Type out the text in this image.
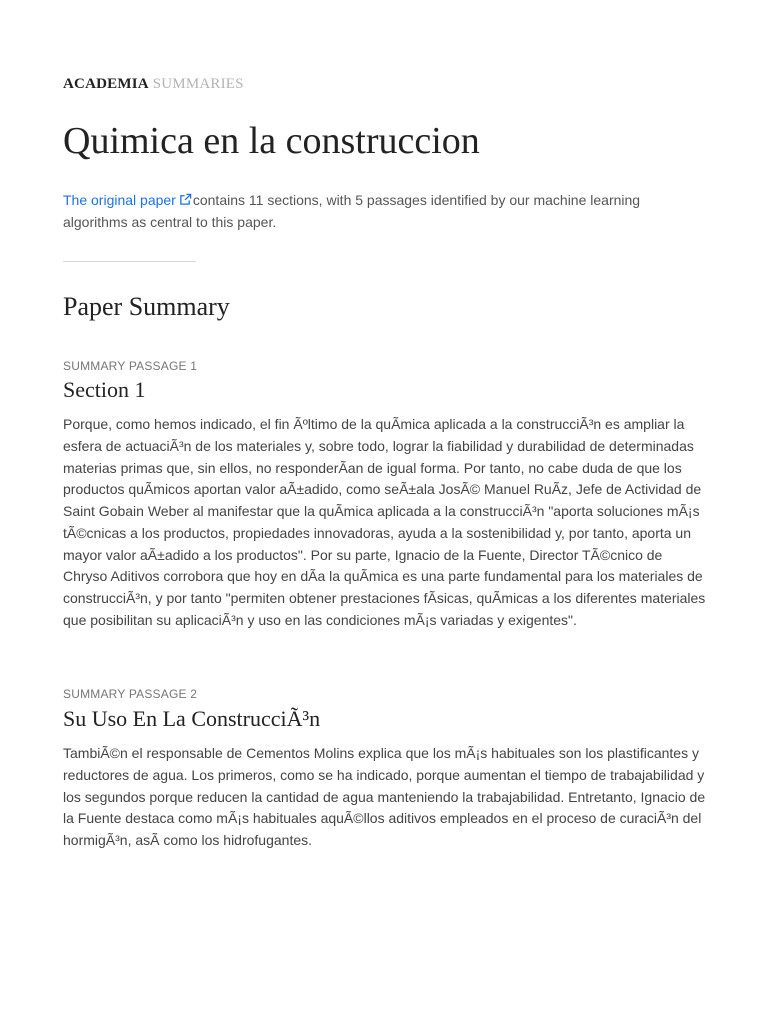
ACADEMIA SUMMARIES
Quimica en la construccion

The original paper contains 11 sections, with 5 passages identified by our machine learning algorithms as central to this paper.

Paper Summary
SUMMARY PASSAGE 1
Section 1

Porque, como hemos indicado, el fin Ãºltimo de la quÃmica aplicada a la construcciÃ³n es ampliar la esfera de actuaciÃ³n de los materiales y, sobre todo, lograr la fiabilidad y durabilidad de determinadas materias primas que, sin ellos, no responderÃan de igual forma. Por tanto, no cabe duda de que los productos quÃmicos aportan valor aÃ±adido, como seÃ±ala JosÃ© Manuel RuÃz, Jefe de Actividad de Saint Gobain Weber al manifestar que la quÃmica aplicada a la construcciÃ³n "aporta soluciones mÃ¡s tÃ©cnicas a los productos, propiedades innovadoras, ayuda a la sostenibilidad y, por tanto, aporta un mayor valor aÃ±adido a los productos". Por su parte, Ignacio de la Fuente, Director TÃ©cnico de Chryso Aditivos corrobora que hoy en dÃa la quÃmica es una parte fundamental para los materiales de construcciÃ³n, y por tanto "permiten obtener prestaciones fÃsicas, quÃmicas a los diferentes materiales que posibilitan su aplicaciÃ³n y uso en las condiciones mÃ¡s variadas y exigentes".

SUMMARY PASSAGE 2
Su Uso En La ConstrucciÃ³n

TambiÃ©n el responsable de Cementos Molins explica que los mÃ¡s habituales son los plastificantes y reductores de agua. Los primeros, como se ha indicado, porque aumentan el tiempo de trabajabilidad y los segundos porque reducen la cantidad de agua manteniendo la trabajabilidad. Entretanto, Ignacio de la Fuente destaca como mÃ¡s habituales aquÃ©llos aditivos empleados en el proceso de curaciÃ³n del hormigÃ³n, asÃ como los hidrofugantes.
